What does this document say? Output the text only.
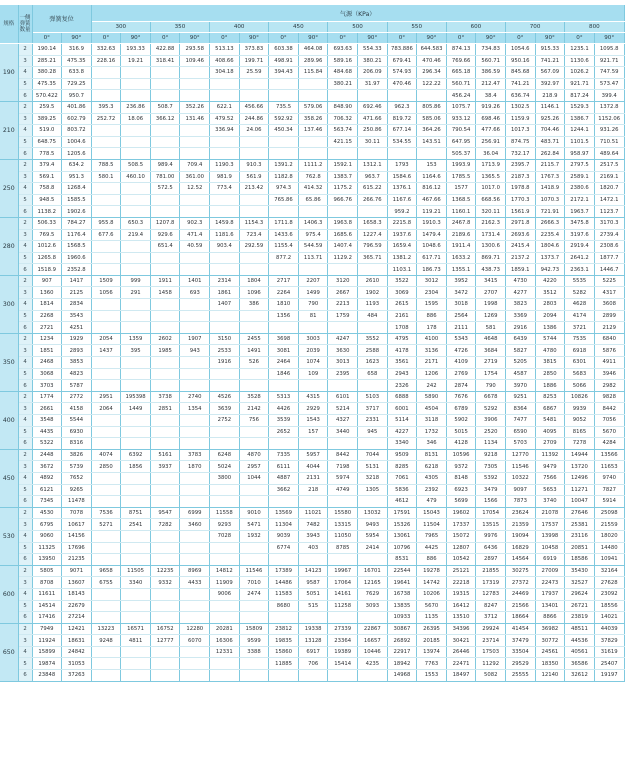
规格	一侧弹簧数量	弹簧复位		气源（KPa）																	
				300		350		400		450		500		550		600		700		800	
		0°	90°	0°	90°	0°	90°	0°	90°	0°	90°	0°	90°	0°	90°	0°	90°	0°	90°	0°	90°
190	2	190.14	316.9	332.63	193.33	422.88	293.58	513.13	373.83	603.38	464.08	693.63	554.33	783.886	644.583	874.13	734.83	1054.6	915.33	1235.1	1095.8
	3	285.21	475.35	228.16	19.21	318.41	109.46	408.66	199.71	498.91	289.96	589.16	380.21	679.41	470.46	769.66	560.71	950.16	741.21	1130.6	921.71
	4	380.28	633.8					304.18	25.59	394.43	115.84	484.68	206.09	574.93	296.34	665.18	386.59	845.68	567.09	1026.2	747.59
	5	475.35	729.25									380.21	31.97	470.46	122.22	560.71	212.47	741.21	392.97	921.71	573.47
	6	570.422	950.7													456.24	38.4	636.74	218.9	817.24	399.4
210	2	259.5	401.86	395.3	236.86	508.7	352.26	622.1	456.66	735.5	579.06	848.90	692.46	962.3	805.86	1075.7	919.26	1302.5	1146.1	1529.3	1372.8
	3	389.25	602.79	252.72	18.06	366.12	131.46	479.52	244.86	592.92	358.26	706.32	471.66	819.72	585.06	933.12	698.46	1159.9	925.26	1386.7	1152.06
	4	519.0	803.72					336.94	24.06	450.34	137.46	563.74	250.86	677.14	364.26	790.54	477.66	1017.3	704.46	1244.1	931.26
	5	648.75	1004.6									421.15	30.11	534.55	143.51	647.95	256.91	874.75	483.71	1101.5	710.51
	6	778.5	1205.6													505.37	36.04	732.17	262.84	958.97	489.64
250	2	379.4	634.2	788.5	508.5	989.4	709.4	1190.3	910.3	1391.2	1111.2	1592.1	1312.1	1793	153	1993.9	1713.9	2395.7	2115.7	2797.5	2517.5
	3	569.1	951.3	580.1	460.10	781.00	361.00	981.9	561.9	1182.8	762.8	1383.7	963.7	1584.6	1164.6	1785.5	1365.5	2187.3	1767.3	2589.1	2169.1
	4	758.8	1268.4			572.5	12.52	773.4	213.42	974.3	414.32	1175.2	615.22	1376.1	816.12	1577	1017.0	1978.8	1418.9	2380.6	1820.7
	5	948.5	1585.5							765.86	65.86	966.76	266.76	1167.6	467.66	1368.5	668.56	1770.3	1070.3	2172.1	1472.1
	6	1138.2	1902.6											959.2	119.21	1160.1	320.11	1561.9	721.91	1963.7	1123.7
280	2	506.33	784.27	955.8	650.3	1207.8	902.3	1459.8	1154.3	1711.8	1406.3	1963.8	1658.3	2215.8	1910.3	2467.8	2162.3	2971.8	2666.3	3475.8	3170.3
	3	769.5	1176.4	677.6	219.4	929.6	471.4	1181.6	723.4	1433.6	975.4	1685.6	1227.4	1937.6	1479.4	2189.6	1731.4	2693.6	2235.4	3197.6	2739.4
	4	1012.6	1568.5			651.4	40.59	903.4	292.59	1155.4	544.59	1407.4	796.59	1659.4	1048.6	1911.4	1300.6	2415.4	1804.6	2919.4	2308.6
	5	1265.8	1960.6							877.2	113.71	1129.2	365.71	1381.2	617.71	1633.2	869.71	2137.2	1373.7	2641.2	1877.7
	6	1518.9	2352.8											1103.1	186.73	1355.1	438.73	1859.1	942.73	2363.1	1446.7
300	2	907	1417	1509	999	1911	1401	2314	1804	2717	2207	3120	2610	3522	3012	3952	3415	4730	4220	5535	5225
	3	1360	2125	1056	291	1458	693	1861	1096	2264	1499	2667	1902	3069	2304	3472	2707	4277	3512	5282	4317
	4	1814	2834					1407	386	1810	790	2213	1193	2615	1595	3018	1998	3823	2803	4628	3608
	5	2268	3543							1356	81	1759	484	2161	886	2564	1269	3369	2094	4174	2899
	6	2721	4251											1708	178	2111	581	2916	1386	3721	2129
350	2	1234	1929	2054	1359	2602	1907	3150	2455	3698	3003	4247	3552	4795	4100	5343	4648	6439	5744	7535	6840
	3	1851	2893	1437	395	1985	943	2533	1491	3081	2039	3630	2588	4178	3136	4726	3684	5827	4780	6918	5876
	4	2468	3853					1916	526	2464	1074	3013	1623	3561	2171	4109	2719	5205	3815	6301	4911
	5	3068	4823							1846	109	2395	658	2943	1206	2769	1754	4587	2850	5683	3946
	6	3703	5787											2326	242	2874	790	3970	1886	5066	2982
400	2	1774	2772	2951	195398	3738	2740	4526	3528	5313	4315	6101	5103	6888	5890	7676	6678	9251	8253	10826	9828
	3	2661	4158	2064	1449	2851	1354	3639	2142	4426	2929	5214	3717	6001	4504	6789	5292	8364	6867	9939	8442
	4	3548	5544					2752	756	3539	1543	4327	2331	5114	3118	5902	3906	7477	5481	9052	7056
	5	4435	6930							2652	157	3440	945	4227	1732	5015	2520	6590	4095	8165	5670
	6	5322	8316											3340	346	4128	1134	5703	2709	7278	4284
450	2	2448	3826	4074	6392	5161	3783	6248	4870	7335	5957	8442	7044	9509	8131	10596	9218	12770	11392	14944	13566
	3	3672	5739	2850	1856	3937	1870	5024	2957	6111	4044	7198	5131	8285	6218	9372	7305	11546	9479	13720	11653
	4	4892	7652					3800	1044	4887	2131	5974	3218	7061	4305	8148	5392	10322	7566	12496	9740
	5	6121	9265							3662	218	4749	1305	5836	2392	6923	3479	9097	5653	11271	7827
	6	7345	11478											4612	479	5699	1566	7873	3740	10047	5914
530	2	4530	7078	7536	8751	9547	6999	11558	9010	13569	11021	15580	13032	17591	15043	19602	17054	23624	21078	27646	25098
	3	6795	10617	5271	2541	7282	3460	9293	5471	11304	7482	13315	9493	15326	11504	17337	13515	21359	17537	25381	21559
	4	9060	14156					7028	1932	9039	3943	11050	5954	13061	7965	15072	9976	19094	13998	23116	18020
	5	11325	17696							6774	403	8785	2414	10796	4425	12807	6436	16829	10458	20851	14480
	6	13950	21235											8531	886	10542	2897	14564	6919	18586	10941
600	2	5805	9071	9658	11505	12235	8969	14812	11546	17389	14123	19967	16701	22544	19278	25121	21855	30275	27009	35430	32164
	3	8708	13607	6755	3340	9332	4433	11909	7010	14486	9587	17064	12165	19641	14742	22218	17319	27372	22473	32527	27628
	4	11611	18143					9006	2474	11583	5051	14161	7629	16738	10206	19315	12783	24469	17937	29624	23092
	5	14514	22679							8680	515	11258	3093	13835	5670	16412	8247	21566	13401	26721	18556
	6	17416	27214											10933	1135	13510	3712	18664	8866	23819	14021
650	2	7949	12421	13223	16571	16752	12280	20281	15809	23812	19338	27339	22867	30867	26395	34396	29924	41454	36982	48511	44039
	3	11924	18631	9248	4811	12777	6070	16306	9599	19835	13128	23364	16657	26892	20185	30421	23714	37479	30772	44536	37829
	4	15899	24842					12331	3388	15860	6917	19389	10446	22917	13974	26446	17503	33504	24561	40561	31619
	5	19874	31053							11885	706	15414	4235	18942	7763	22471	11292	29529	18350	36586	25407
	6	23848	37263											14968	1553	18497	5082	25555	12140	32612	19197
